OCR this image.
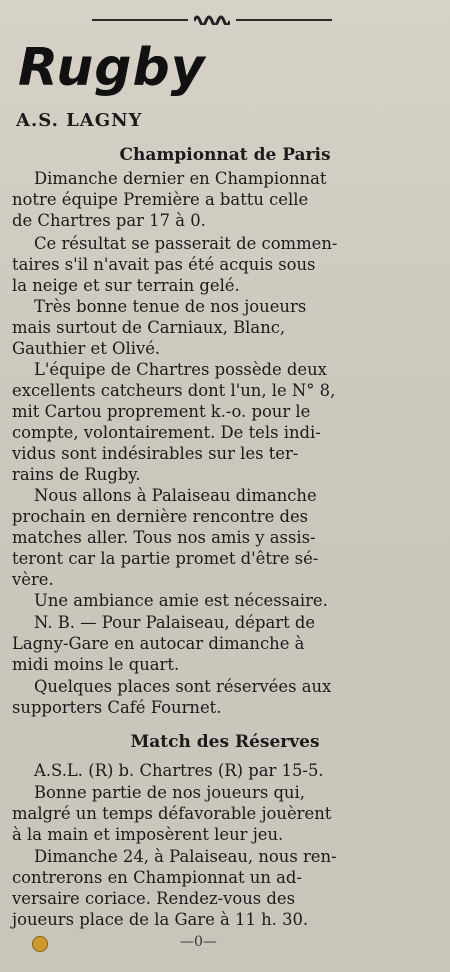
Rugby
A.S. LAGNY
Championnat de Paris
Dimanche dernier en Championnat
notre équipe Première a battu celle
de Chartres par 17 à 0.
Ce résultat se passerait de commen-
taires s'il n'avait pas été acquis sous
la neige et sur terrain gelé.
Très bonne tenue de nos joueurs
mais surtout de Carniaux, Blanc,
Gauthier et Olivé.
L'équipe de Chartres possède deux
excellents catcheurs dont l'un, le N° 8,
mit Cartou proprement k.-o. pour le
compte, volontairement. De tels indi-
vidus sont indésirables sur les ter-
rains de Rugby.
Nous allons à Palaiseau dimanche
prochain en dernière rencontre des
matches aller. Tous nos amis y assis-
teront car la partie promet d'être sé-
vère.
Une ambiance amie est nécessaire.
N. B. — Pour Palaiseau, départ de
Lagny-Gare en autocar dimanche à
midi moins le quart.
Quelques places sont réservées aux
supporters Café Fournet.
Match des Réserves
A.S.L. (R) b. Chartres (R) par 15-5.
Bonne partie de nos joueurs qui,
malgré un temps défavorable jouèrent
à la main et imposèrent leur jeu.
Dimanche 24, à Palaiseau, nous ren-
contrerons en Championnat un ad-
versaire coriace. Rendez-vous des
joueurs place de la Gare à 11 h. 30.
—0—
